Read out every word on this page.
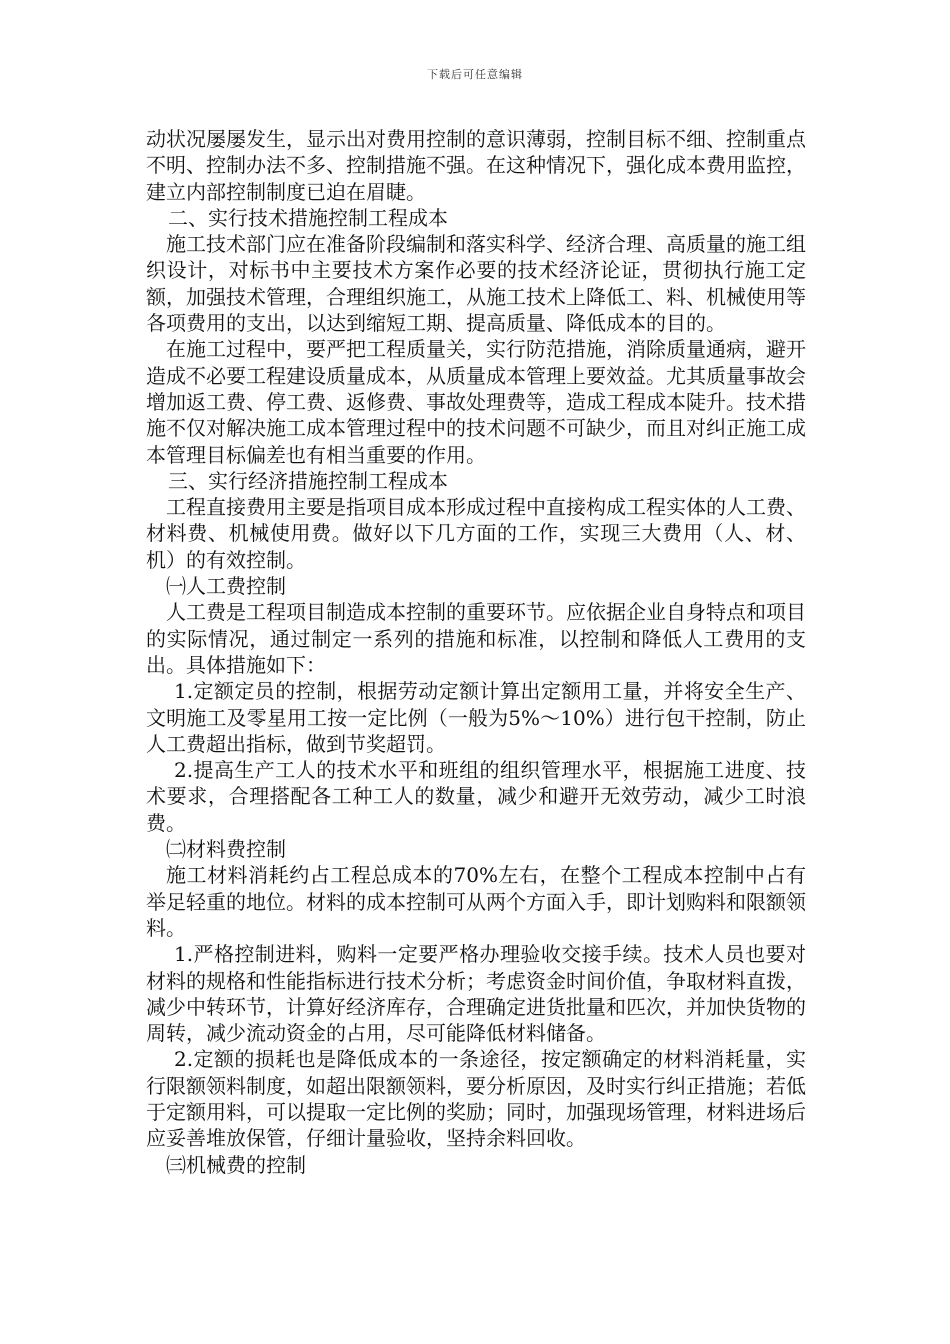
下载后可任意编辑

动状况屡屡发生，显示出对费用控制的意识薄弱，控制目标不细、控制重点不明、控制办法不多、控制措施不强。在这种情况下，强化成本费用监控，建立内部控制制度已迫在眉睫。

二、实行技术措施控制工程成本

施工技术部门应在准备阶段编制和落实科学、经济合理、高质量的施工组织设计，对标书中主要技术方案作必要的技术经济论证，贯彻执行施工定额，加强技术管理，合理组织施工，从施工技术上降低工、料、机械使用等各项费用的支出，以达到缩短工期、提高质量、降低成本的目的。

在施工过程中，要严把工程质量关，实行防范措施，消除质量通病，避开造成不必要工程建设质量成本，从质量成本管理上要效益。尤其质量事故会增加返工费、停工费、返修费、事故处理费等，造成工程成本陡升。技术措施不仅对解决施工成本管理过程中的技术问题不可缺少，而且对纠正施工成本管理目标偏差也有相当重要的作用。

三、实行经济措施控制工程成本

工程直接费用主要是指项目成本形成过程中直接构成工程实体的人工费、材料费、机械使用费。做好以下几方面的工作，实现三大费用（人、材、机）的有效控制。

㈠人工费控制

人工费是工程项目制造成本控制的重要环节。应依据企业自身特点和项目的实际情况，通过制定一系列的措施和标准，以控制和降低人工费用的支出。具体措施如下：

1.定额定员的控制，根据劳动定额计算出定额用工量，并将安全生产、文明施工及零星用工按一定比例（一般为5%～10%）进行包干控制，防止人工费超出指标，做到节奖超罚。

2.提高生产工人的技术水平和班组的组织管理水平，根据施工进度、技术要求，合理搭配各工种工人的数量，减少和避开无效劳动，减少工时浪费。

㈡材料费控制

施工材料消耗约占工程总成本的70%左右，在整个工程成本控制中占有举足轻重的地位。材料的成本控制可从两个方面入手，即计划购料和限额领料。

1.严格控制进料，购料一定要严格办理验收交接手续。技术人员也要对材料的规格和性能指标进行技术分析；考虑资金时间价值，争取材料直拨，减少中转环节，计算好经济库存，合理确定进货批量和匹次，并加快货物的周转，减少流动资金的占用，尽可能降低材料储备。

2.定额的损耗也是降低成本的一条途径，按定额确定的材料消耗量，实行限额领料制度，如超出限额领料，要分析原因，及时实行纠正措施；若低于定额用料，可以提取一定比例的奖励；同时，加强现场管理，材料进场后应妥善堆放保管，仔细计量验收，坚持余料回收。

㈢机械费的控制
